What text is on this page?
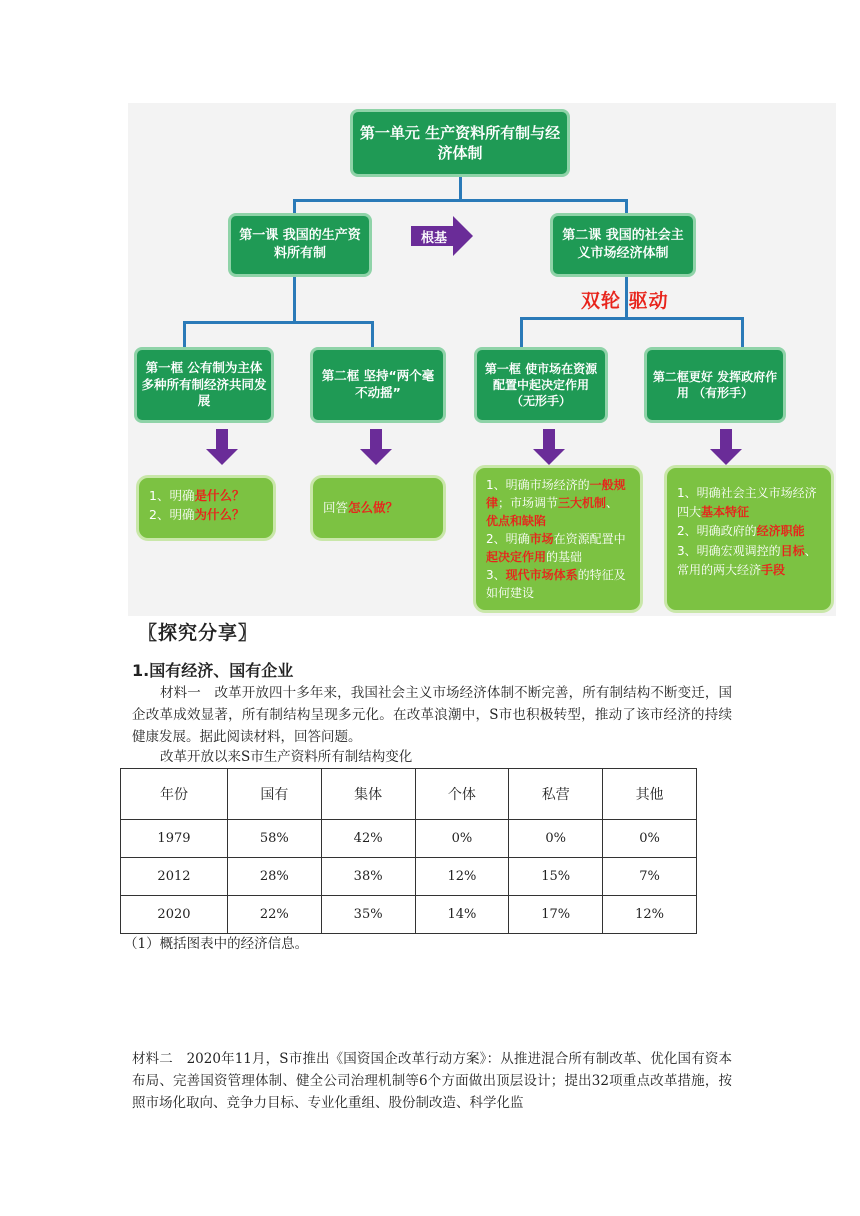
第一单元 生产资料所有制与经济体制
第一课 我国的生产资料所有制
第二课 我国的社会主义市场经济体制
根基
双轮 驱动
第一框 公有制为主体多种所有制经济共同发展
第二框 坚持“两个毫不动摇”
第一框 使市场在资源配置中起决定作用 （无形手）
第二框更好 发挥政府作用 （有形手）

1、明确是什么？

2、明确为什么？	回答怎么做？

1、明确市场经济的一般规律；市场调节三大机制、优点和缺陷

2、明确市场在资源配置中起决定作用的基础

3、现代市场体系的特征及如何建设

1、明确社会主义市场经济四大基本特征

2、明确政府的经济职能

3、明确宏观调控的目标、常用的两大经济手段

〖探究分享〗
1.国有经济、国有企业
材料一　改革开放四十多年来，我国社会主义市场经济体制不断完善，所有制结构不断变迁，国企改革成效显著，所有制结构呈现多元化。在改革浪潮中，S市也积极转型，推动了该市经济的持续健康发展。据此阅读材料，回答问题。
改革开放以来S市生产资料所有制结构变化
年份	国有	集体	个体	私营	其他
1979	58%	42%	0%	0%	0%
2012	28%	38%	12%	15%	7%
2020	22%	35%	14%	17%	12%
（1）概括图表中的经济信息。
材料二　2020年11月，S市推出《国资国企改革行动方案》：从推进混合所有制改革、优化国有资本布局、完善国资管理体制、健全公司治理机制等6个方面做出顶层设计；提出32项重点改革措施，按照市场化取向、竞争力目标、专业化重组、股份制改造、科学化监
